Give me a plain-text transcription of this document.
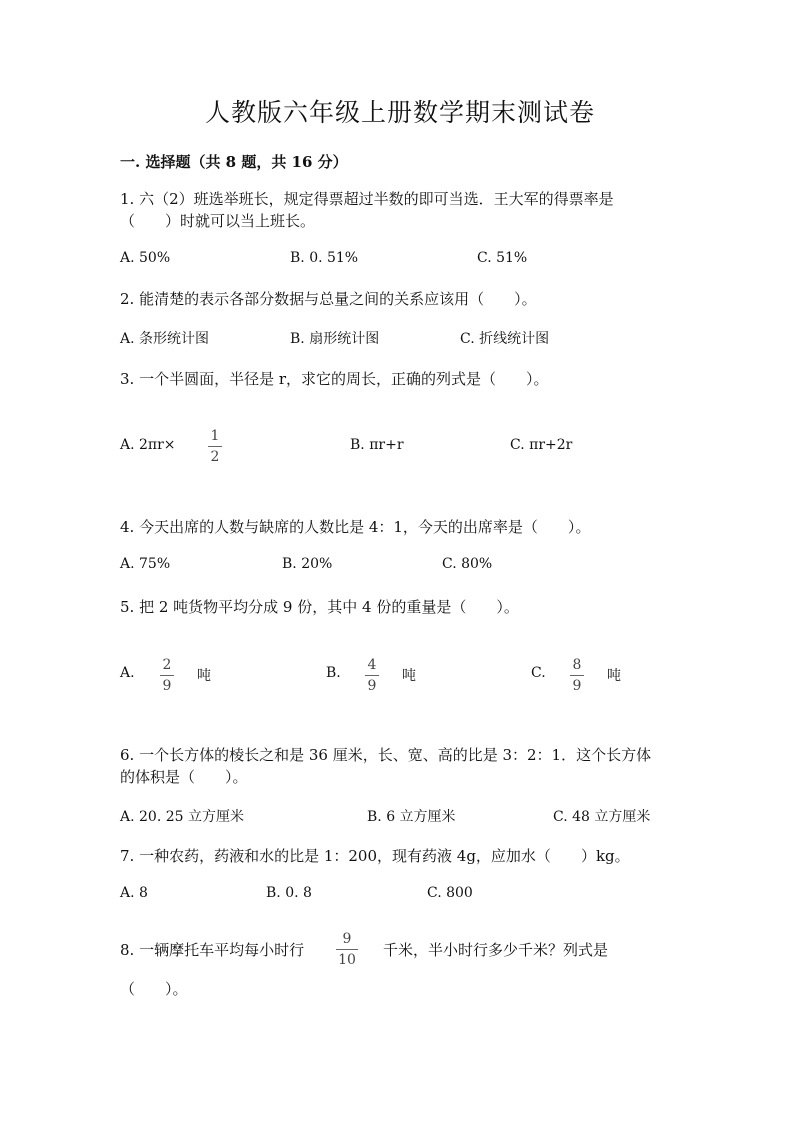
人教版六年级上册数学期末测试卷
一. 选择题（共 8 题，共 16 分）
1. 六（2）班选举班长，规定得票超过半数的即可当选．王大军的得票率是
（　　）时就可以当上班长。
A. 50%	B. 0. 51%	C. 51%
2. 能清楚的表示各部分数据与总量之间的关系应该用（　　）。
A. 条形统计图	B. 扇形统计图	C. 折线统计图
3. 一个半圆面，半径是 r，求它的周长，正确的列式是（　　）。
A. 2πr×
1
2
B. πr+r	C. πr+2r
4. 今天出席的人数与缺席的人数比是 4：1，今天的出席率是（　　）。
A. 75%	B. 20%	C. 80%
5. 把 2 吨货物平均分成 9 份，其中 4 份的重量是（　　）。
A. 2
9
吨	B. 4
9
吨	C. 8
9
吨
6. 一个长方体的棱长之和是 36 厘米，长、宽、高的比是 3：2：1．这个长方体
的体积是（　　）。
A. 20. 25 立方厘米	B. 6 立方厘米	C. 48 立方厘米
7. 一种农药，药液和水的比是 1：200，现有药液 4g，应加水（　　）kg。
A. 8	B. 0. 8	C. 800
8. 一辆摩托车平均每小时行
9
10
千米，半小时行多少千米？列式是
（　　）。
